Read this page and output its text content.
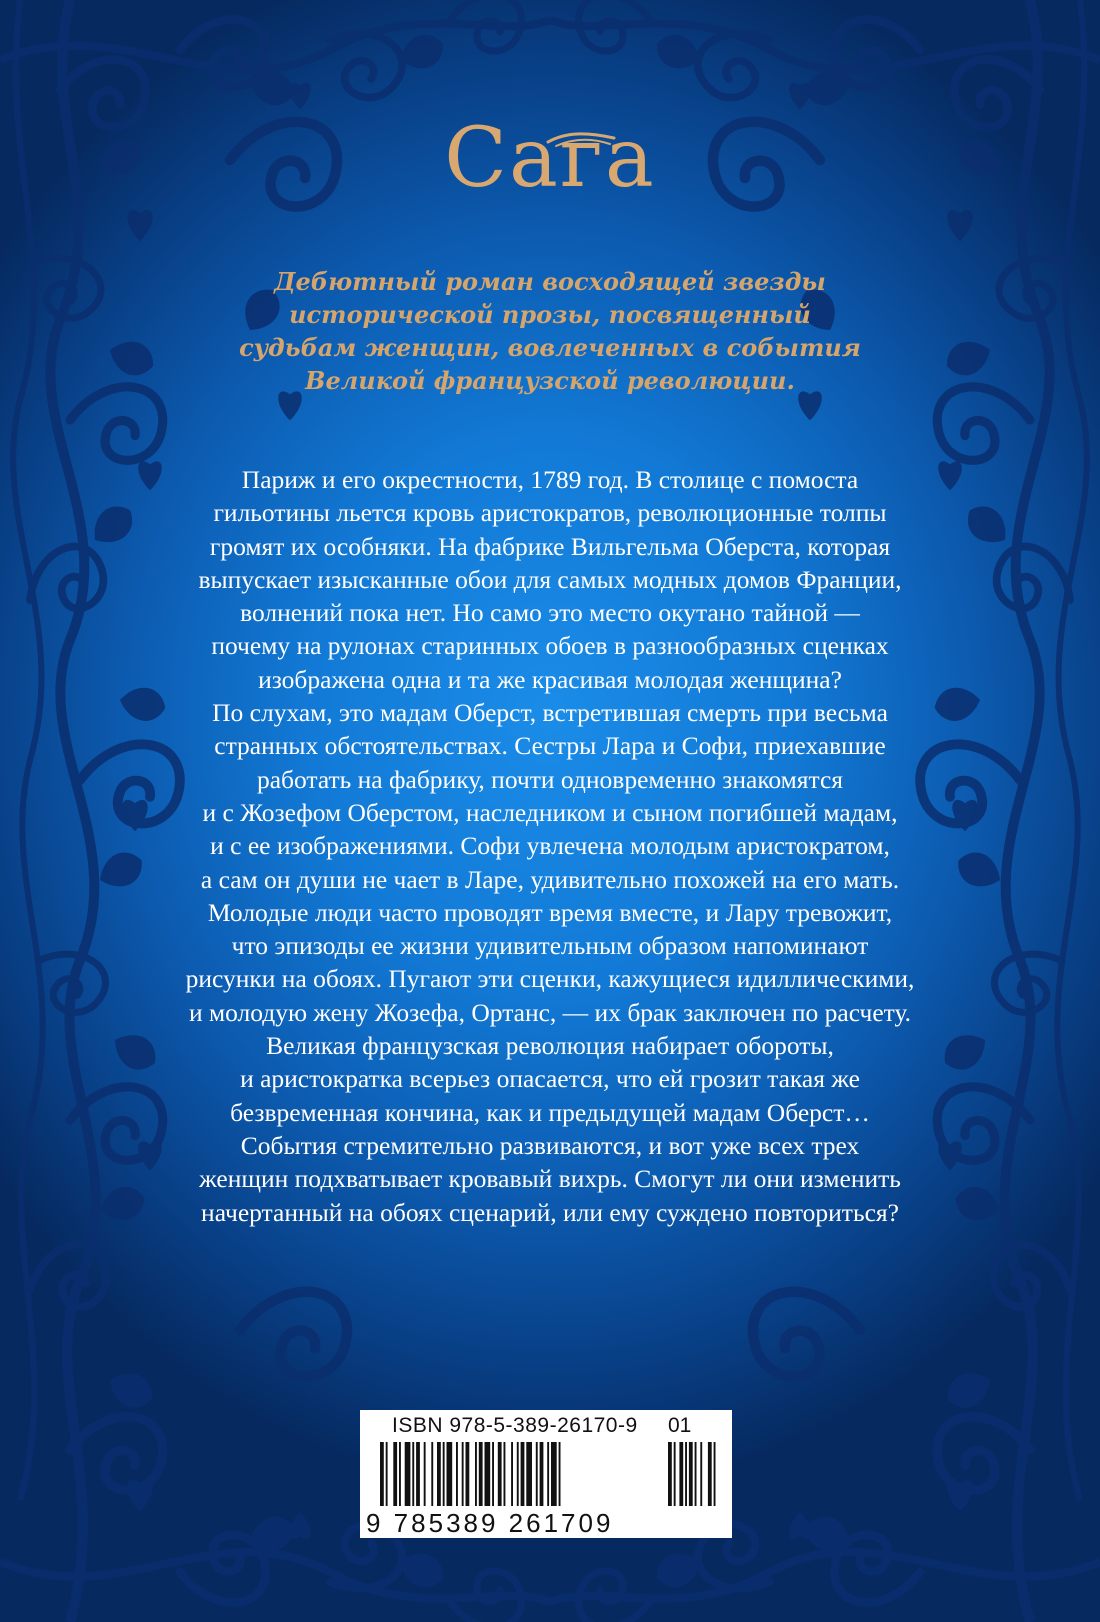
Сага
Дебютный роман восходящей звезды
исторической прозы, посвященный
судьбам женщин, вовлеченных в события
Великой французской революции.
Париж и его окрестности, 1789 год. В столице с помоста
гильотины льется кровь аристократов, революционные толпы
громят их особняки. На фабрике Вильгельма Оберста, которая
выпускает изысканные обои для самых модных домов Франции,
волнений пока нет. Но само это место окутано тайной —
почему на рулонах старинных обоев в разнообразных сценках
изображена одна и та же красивая молодая женщина?
По слухам, это мадам Оберст, встретившая смерть при весьма
странных обстоятельствах. Сестры Лара и Софи, приехавшие
работать на фабрику, почти одновременно знакомятся
и с Жозефом Оберстом, наследником и сыном погибшей мадам,
и с ее изображениями. Софи увлечена молодым аристократом,
а сам он души не чает в Ларе, удивительно похожей на его мать.
Молодые люди часто проводят время вместе, и Лару тревожит,
что эпизоды ее жизни удивительным образом напоминают
рисунки на обоях. Пугают эти сценки, кажущиеся идиллическими,
и молодую жену Жозефа, Ортанс, — их брак заключен по расчету.
Великая французская революция набирает обороты,
и аристократка всерьез опасается, что ей грозит такая же
безвременная кончина, как и предыдущей мадам Оберст…
События стремительно развиваются, и вот уже всех трех
женщин подхватывает кровавый вихрь. Смогут ли они изменить
начертанный на обоях сценарий, или ему суждено повториться?
ISBN 978-5-389-26170-9 01
9 785389 261709
